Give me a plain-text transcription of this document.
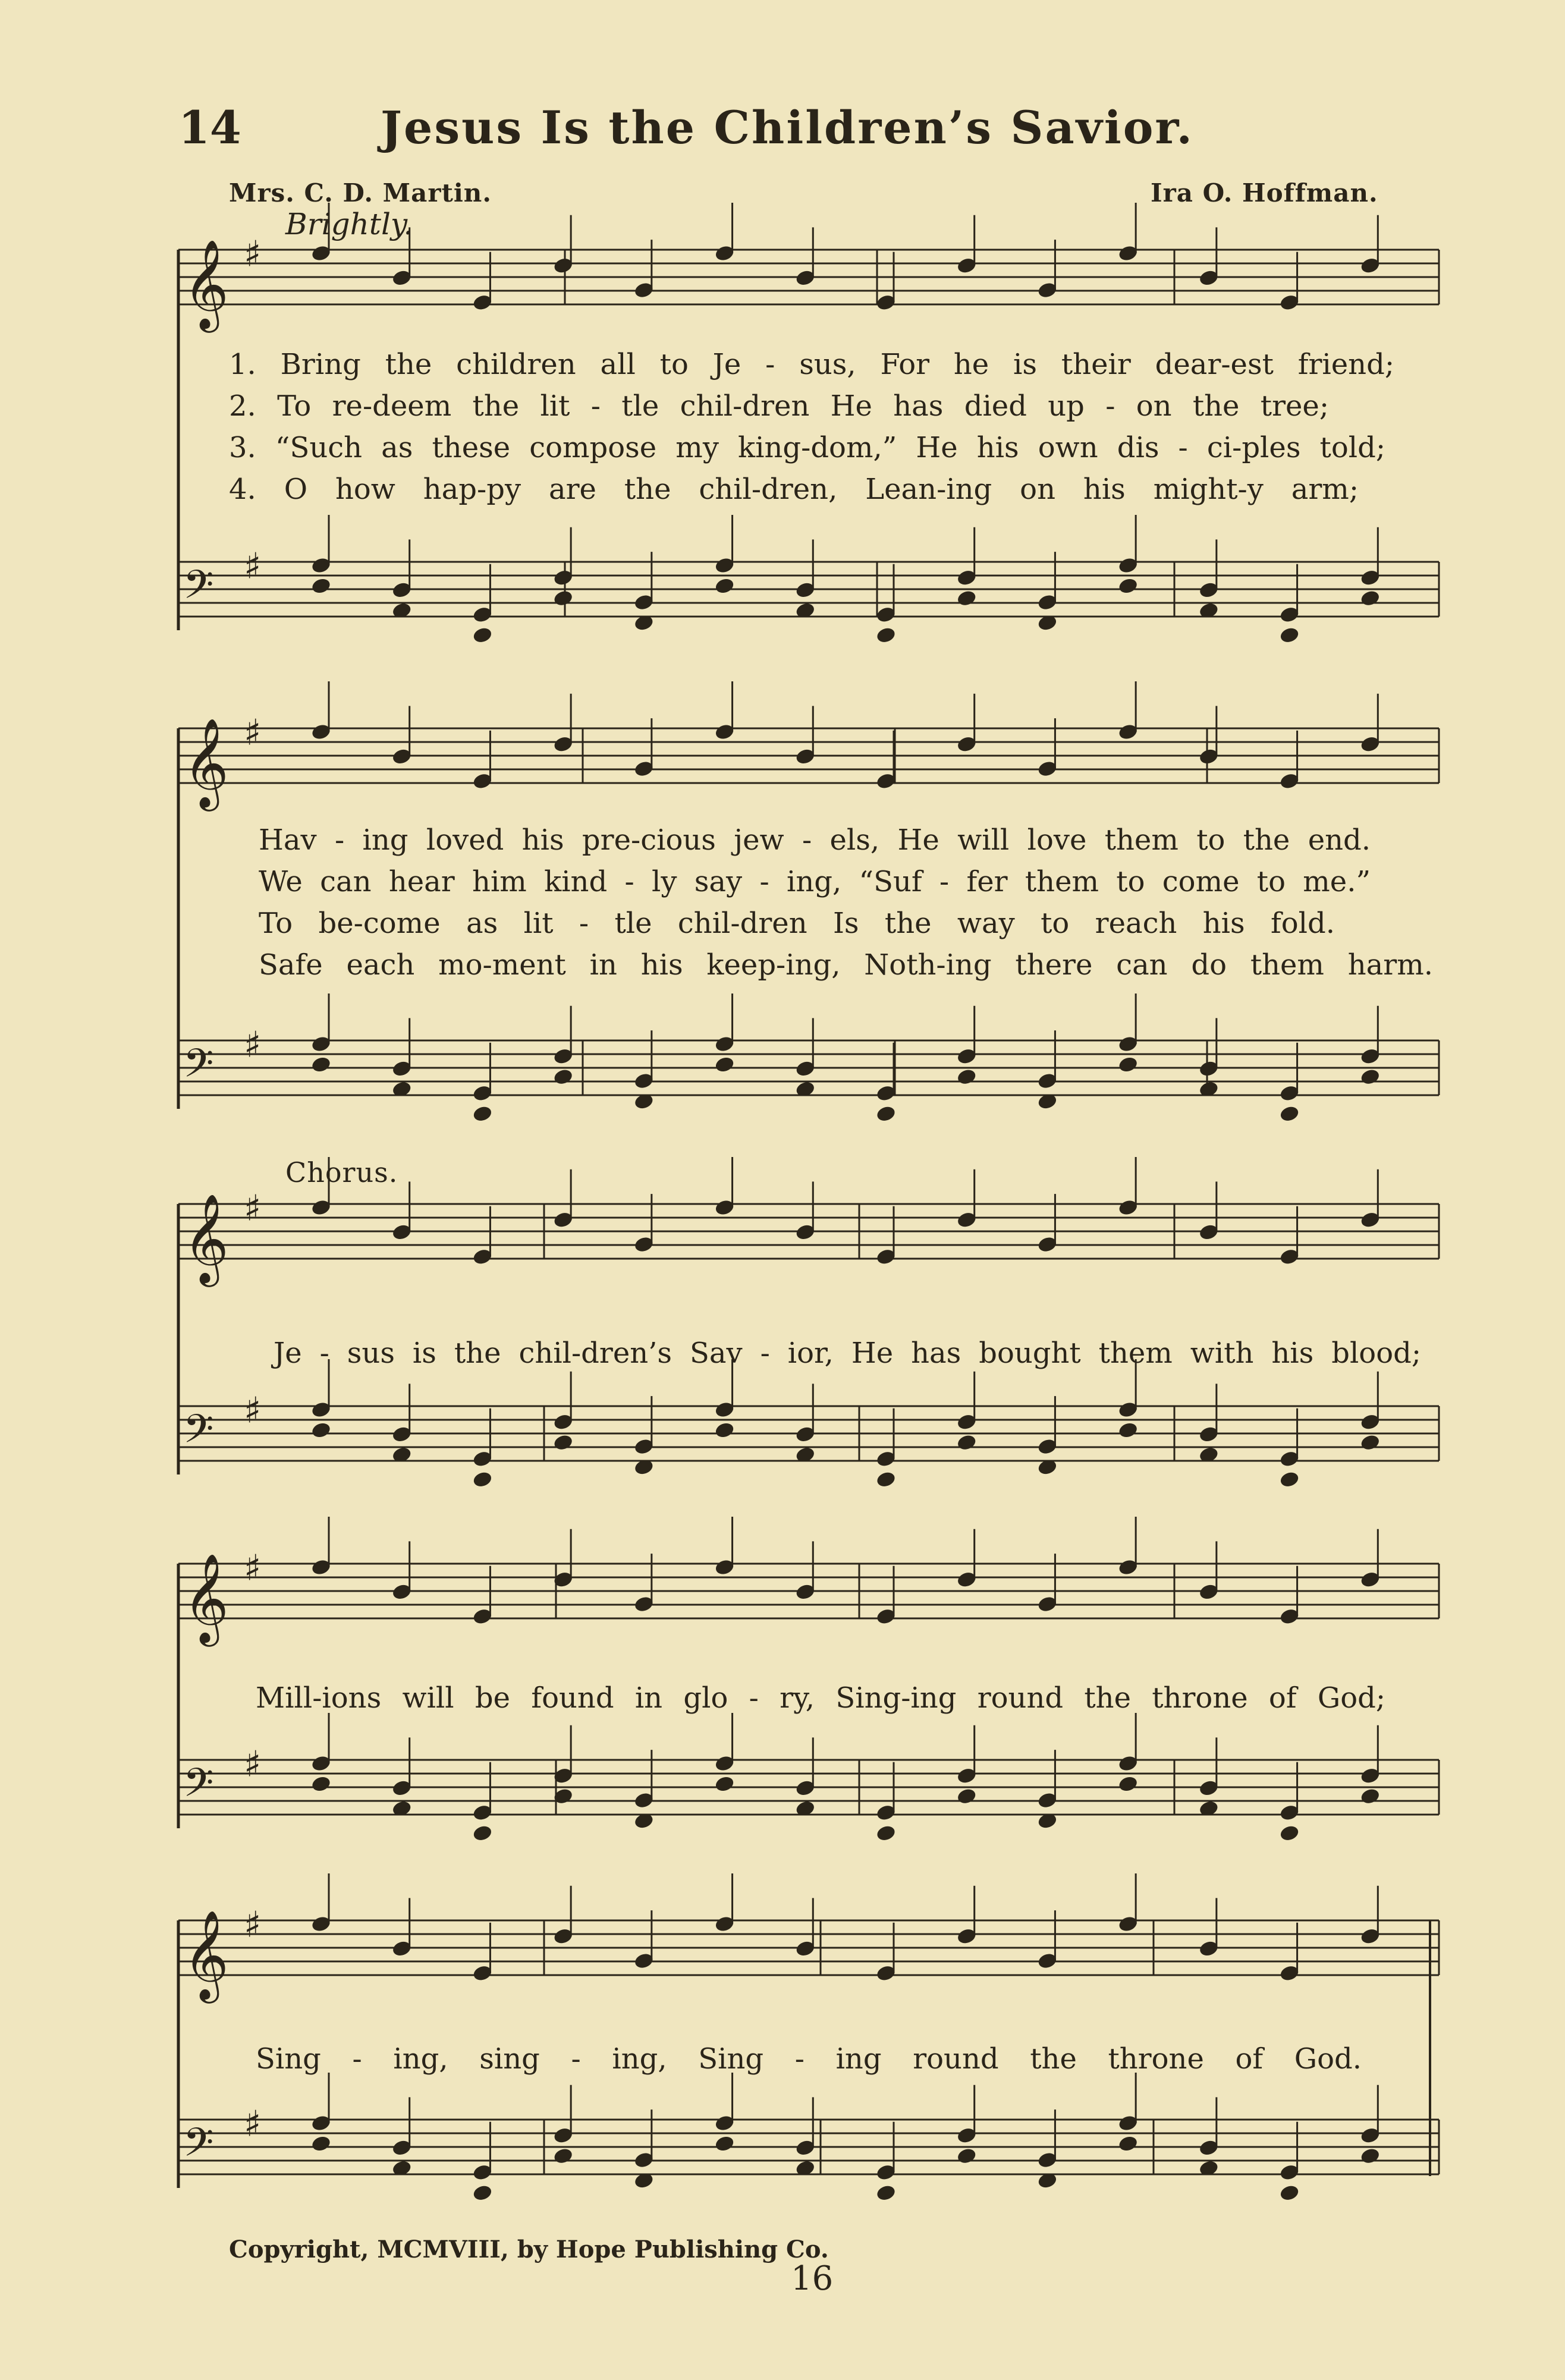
14	Jesus Is the Children’s Savior.
Mrs. C. D. Martin.	Ira O. Hoffman.
Brightly.
𝄞 ♯
𝄢 ♯
𝄞 ♯
𝄢 ♯
𝄞 ♯
𝄢 ♯
𝄞 ♯
𝄢 ♯
𝄞 ♯
𝄢 ♯
1. Bring the children all to Je - sus, For he is their dear-est friend;
2. To re-deem the lit - tle chil-dren He has died up - on the tree;
3. “Such as these compose my king-dom,” He his own dis - ci-ples told;
4. O how hap-py are the chil-dren, Lean-ing on his might-y arm;
Hav - ing loved his pre-cious jew - els, He will love them to the end.
We can hear him kind - ly say - ing, “Suf - fer them to come to me.”
To be-come as lit - tle chil-dren Is the way to reach his fold.
Safe each mo-ment in his keep-ing, Noth-ing there can do them harm.
Chorus.
Je - sus is the chil-dren’s Sav - ior, He has bought them with his blood;
Mill-ions will be found in glo - ry, Sing-ing round the throne of God;
Sing - ing, sing - ing, Sing - ing round the throne of God.
Copyright, MCMVIII, by Hope Publishing Co.
16
